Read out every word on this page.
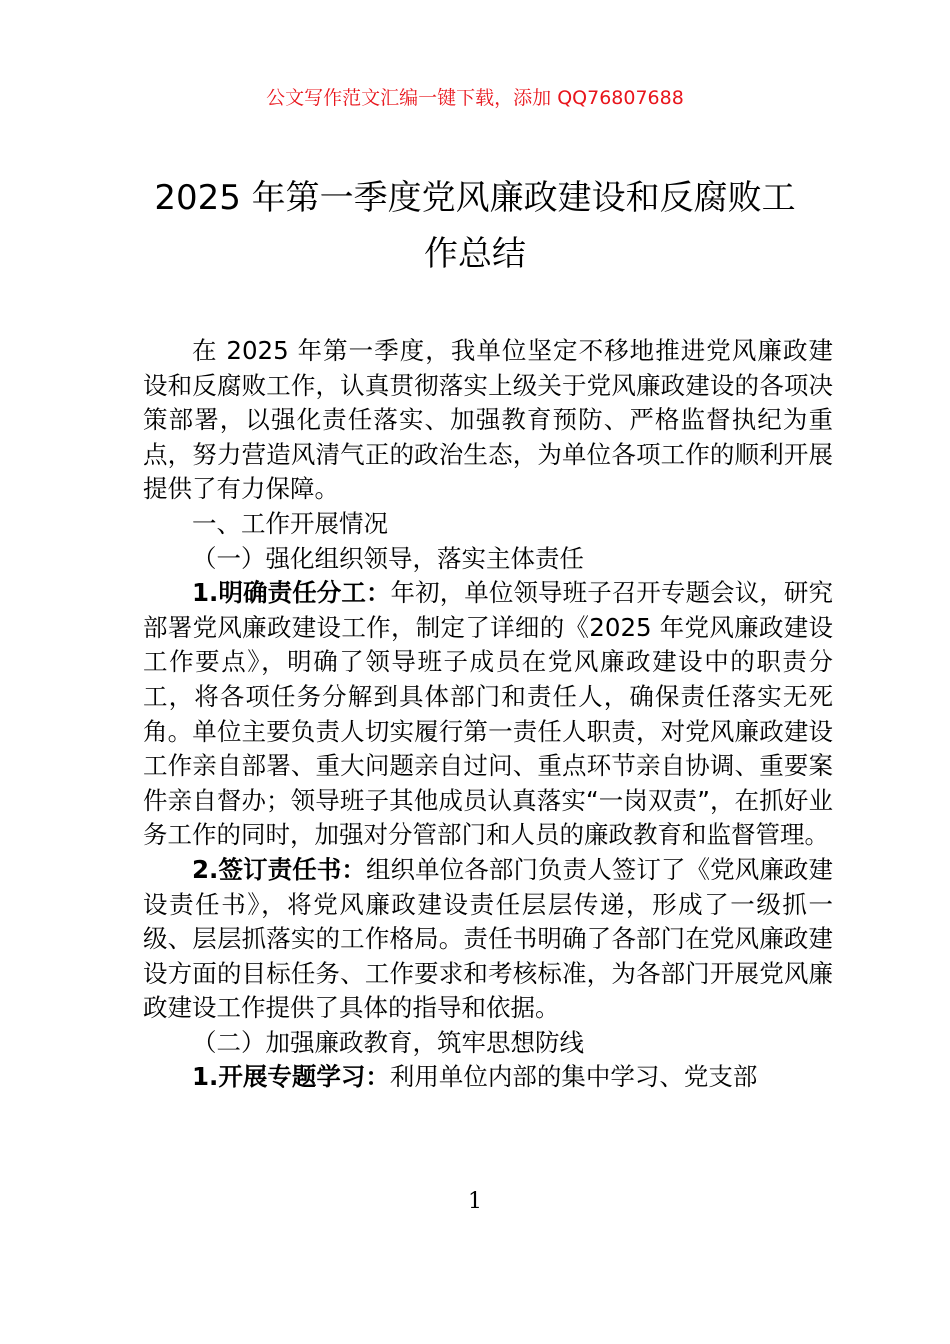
公文写作范文汇编一键下载，添加 QQ76807688
2025 年第一季度党风廉政建设和反腐败工
作总结

在 2025 年第一季度，我单位坚定不移地推进党风廉政建设和反腐败工作，认真贯彻落实上级关于党风廉政建设的各项决策部署，以强化责任落实、加强教育预防、严格监督执纪为重点，努力营造风清气正的政治生态，为单位各项工作的顺利开展提供了有力保障。

一、工作开展情况

（一）强化组织领导，落实主体责任

1.明确责任分工：年初，单位领导班子召开专题会议，研究部署党风廉政建设工作，制定了详细的《2025 年党风廉政建设工作要点》，明确了领导班子成员在党风廉政建设中的职责分工，将各项任务分解到具体部门和责任人，确保责任落实无死角。单位主要负责人切实履行第一责任人职责，对党风廉政建设工作亲自部署、重大问题亲自过问、重点环节亲自协调、重要案件亲自督办；领导班子其他成员认真落实“一岗双责”，在抓好业务工作的同时，加强对分管部门和人员的廉政教育和监督管理。

2.签订责任书：组织单位各部门负责人签订了《党风廉政建设责任书》，将党风廉政建设责任层层传递，形成了一级抓一级、层层抓落实的工作格局。责任书明确了各部门在党风廉政建设方面的目标任务、工作要求和考核标准，为各部门开展党风廉政建设工作提供了具体的指导和依据。

（二）加强廉政教育，筑牢思想防线

1.开展专题学习：利用单位内部的集中学习、党支部

1
